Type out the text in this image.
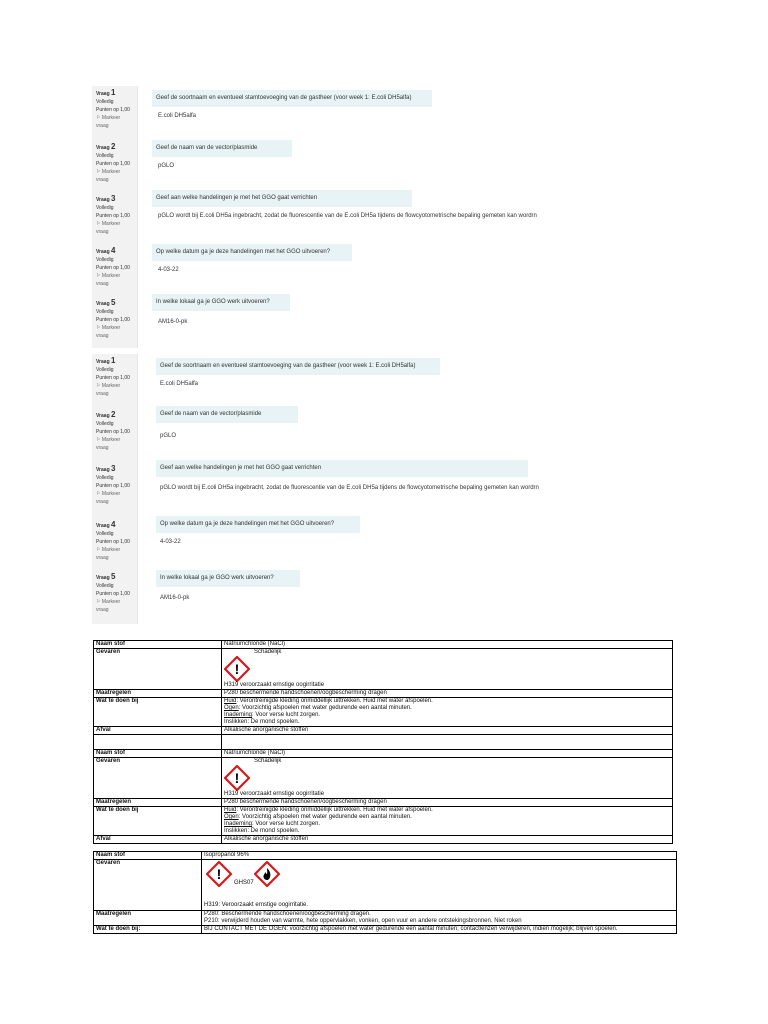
Vraag 1
Volledig
Punten op 1,00
⚐ Markeer vraag
Geef de soortnaam en eventueel stamtoevoeging van de gastheer (voor week 1: E.coli DH5alfa)
E.coli DH5alfa
Vraag 2
Volledig
Punten op 1,00
⚐ Markeer vraag
Geef de naam van de vector/plasmide
pGLO
Vraag 3
Volledig
Punten op 1,00
⚐ Markeer vraag
Geef aan welke handelingen je met het GGO gaat verrichten
pGLO wordt bij E.coli DH5a ingebracht, zodat de fluorescentie van de E.coli DH5a tijdens de flowcyotometrische bepaling gemeten kan wordrn
Vraag 4
Volledig
Punten op 1,00
⚐ Markeer vraag
Op welke datum ga je deze handelingen met het GGO uitvoeren?
4-03-22
Vraag 5
Volledig
Punten op 1,00
⚐ Markeer vraag
In welke lokaal ga je GGO werk uitvoeren?
AM16-0-pk
Vraag 1
Volledig
Punten op 1,00
⚐ Markeer vraag
Geef de soortnaam en eventueel stamtoevoeging van de gastheer (voor week 1: E.coli DH5alfa)
E.coli DH5alfa
Vraag 2
Volledig
Punten op 1,00
⚐ Markeer vraag
Geef de naam van de vector/plasmide
pGLO
Vraag 3
Volledig
Punten op 1,00
⚐ Markeer vraag
Geef aan welke handelingen je met het GGO gaat verrichten
pGLO wordt bij E.coli DH5a ingebracht, zodat de fluorescentie van de E.coli DH5a tijdens de flowcyotometrische bepaling gemeten kan wordrn
Vraag 4
Volledig
Punten op 1,00
⚐ Markeer vraag
Op welke datum ga je deze handelingen met het GGO uitvoeren?
4-03-22
Vraag 5
Volledig
Punten op 1,00
⚐ Markeer vraag
In welke lokaal ga je GGO werk uitvoeren?
AM16-0-pk
Naam stof	Natriumchloride (NaCl)
Gevaren	Schadelijk
!
H319 veroorzaakt ernstige oogirritatie

Maatregelen	P280 beschermende handschoenen/oogbescherming dragen
Wat te doen bij	Huid: Verontreinigde kleding onmiddellijk uittrekken. Huid met water afspoelen.
Ogen: Voorzichtig afspoelen met water gedurende een aantal minuten.
Inademing: Voor verse lucht zorgen.
Inslikken: De mond spoelen.

Afval	Alkalische anorganische stoffen

Naam stof	Natriumchloride (NaCl)
Gevaren	Schadelijk
!
H319 veroorzaakt ernstige oogirritatie

Maatregelen	P280 beschermende handschoenen/oogbescherming dragen
Wat te doen bij	Huid: Verontreinigde kleding onmiddellijk uittrekken. Huid met water afspoelen.
Ogen: Voorzichtig afspoelen met water gedurende een aantal minuten.
Inademing: Voor verse lucht zorgen.
Inslikken: De mond spoelen.

Afval	Alkalische anorganische stoffen
Naam stof	Isopropanol 96%
Gevaren	!
GHS07
H319: Veroorzaakt ernstige oogirritatie.

Maatregelen	P280: Beschermende handschoenen/oogbescherming dragen.
P210: verwijderd houden van warmte, hete oppervlakken, vonken, open vuur en andere ontstekingsbronnen. Niet roken

Wat te doen bij:	BIJ CONTACT MET DE OGEN: voorzichtig afspoelen met water gedurende een aantal minuten; contactlenzen verwijderen, indien mogelijk; blijven spoelen.
